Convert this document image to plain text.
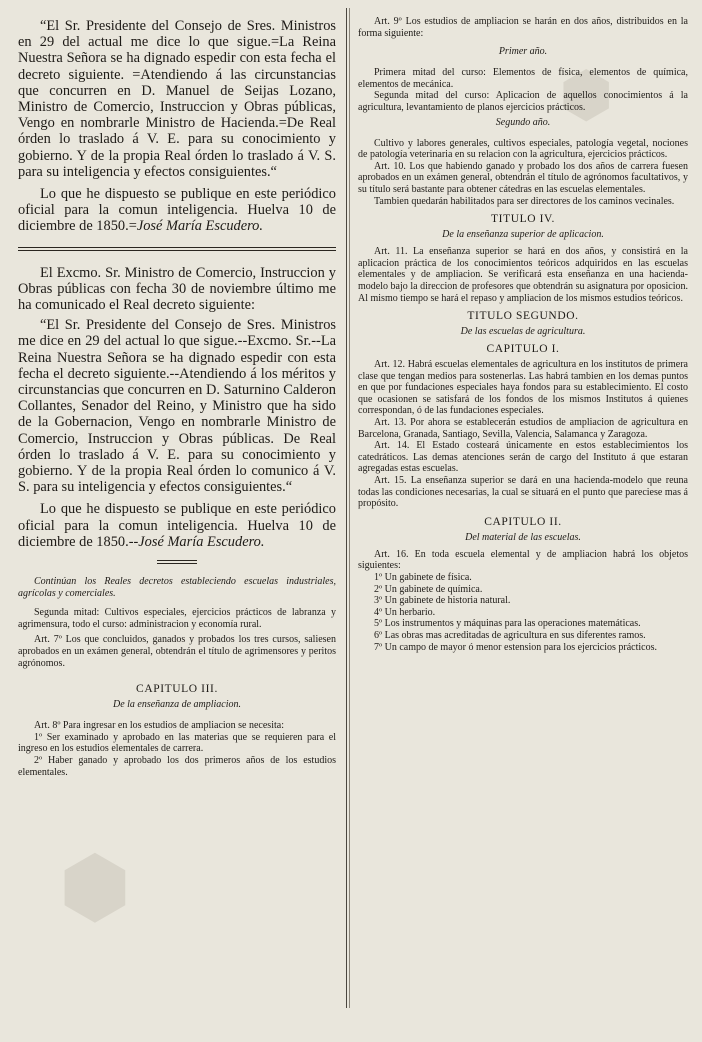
⬢
⬢

“El Sr. Presidente del Consejo de Sres. Ministros en 29 del actual me dice lo que sigue.=La Reina Nuestra Señora se ha dignado espedir con esta fecha el decreto siguiente. =Atendiendo á las circunstancias que concurren en D. Manuel de Seijas Lozano, Ministro de Comercio, Instruccion y Obras públicas, Vengo en nombrarle Ministro de Hacienda.=De Real órden lo traslado á V. E. para su conocimiento y gobierno. Y de la propia Real órden lo traslado á V. S. para su inteligencia y efectos consiguientes.“

Lo que he dispuesto se publique en este periódico oficial para la comun inteligencia. Huelva 10 de diciembre de 1850.=José María Escudero.

El Excmo. Sr. Ministro de Comercio, Instruccion y Obras públicas con fecha 30 de noviembre último me ha comunicado el Real decreto siguiente:

“El Sr. Presidente del Consejo de Sres. Ministros me dice en 29 del actual lo que sigue.--Excmo. Sr.--La Reina Nuestra Señora se ha dignado espedir con esta fecha el decreto siguiente.--Atendiendo á los méritos y circunstancias que concurren en D. Saturnino Calderon Collantes, Senador del Reino, y Ministro que ha sido de la Gobernacion, Vengo en nombrarle Ministro de Comercio, Instruccion y Obras públicas. De Real órden lo traslado á V. E. para su conocimiento y gobierno. Y de la propia Real órden lo comunico á V. S. para su inteligencia y efectos consiguientes.“

Lo que he dispuesto se publique en este periódico oficial para la comun inteligencia. Huelva 10 de diciembre de 1850.--José María Escudero.

Continúan los Reales decretos estableciendo escuelas industriales, agrícolas y comerciales.

Segunda mitad: Cultivos especiales, ejercicios prácticos de labranza y agrimensura, todo el curso: administracion y economía rural.

Art. 7º Los que concluidos, ganados y probados los tres cursos, saliesen aprobados en un exámen general, obtendrán el título de agrimensores y peritos agrónomos.

CAPITULO III.
De la enseñanza de ampliacion.

Art. 8º Para ingresar en los estudios de ampliacion se necesita:

1º Ser examinado y aprobado en las materias que se requieren para el ingreso en los estudios elementales de carrera.

2º Haber ganado y aprobado los dos primeros años de los estudios elementales.

Art. 9º Los estudios de ampliacion se harán en dos años, distribuidos en la forma siguiente:

Primer año.

Primera mitad del curso: Elementos de física, elementos de química, elementos de mecánica.

Segunda mitad del curso: Aplicacion de aquellos conocimientos á la agricultura, levantamiento de planos ejercicios prácticos.

Segundo año.

Cultivo y labores generales, cultivos especiales, patología vegetal, nociones de patología veterinaria en su relacion con la agricultura, ejercicios prácticos.

Art. 10. Los que habiendo ganado y probado los dos años de carrera fuesen aprobados en un exámen general, obtendrán el título de agrónomos facultativos, y su título será bastante para obtener cátedras en las escuelas elementales.

Tambien quedarán habilitados para ser directores de los caminos vecinales.

TITULO IV.
De la enseñanza superior de aplicacion.

Art. 11. La enseñanza superior se hará en dos años, y consistirá en la aplicacion práctica de los conocimientos teóricos adquiridos en las escuelas elementales y de ampliacion. Se verificará esta enseñanza en una hacienda-modelo bajo la direccion de profesores que obtendrán su asignatura por oposicion. Al mismo tiempo se hará el repaso y ampliacion de los mismos estudios teóricos.

TITULO SEGUNDO.
De las escuelas de agricultura.
CAPITULO I.

Art. 12. Habrá escuelas elementales de agricultura en los institutos de primera clase que tengan medios para sostenerlas. Las habrá tambien en los demas puntos en que por fundaciones especiales haya fondos para su establecimiento. El costo que ocasionen se satisfará de los fondos de los mismos Institutos á quienes correspondan, ó de las fundaciones especiales.

Art. 13. Por ahora se establecerán estudios de ampliacion de agricultura en Barcelona, Granada, Santiago, Sevilla, Valencia, Salamanca y Zaragoza.

Art. 14. El Estado costeará únicamente en estos establecimientos los catedráticos. Las demas atenciones serán de cargo del Instituto á que estaran agregadas estas escuelas.

Art. 15. La enseñanza superior se dará en una hacienda-modelo que reuna todas las condiciones necesarias, la cual se situará en el punto que pareciese mas á propósito.

CAPITULO II.
Del material de las escuelas.

Art. 16. En toda escuela elemental y de ampliacion habrá los objetos siguientes:

1º Un gabinete de física.

2º Un gabinete de química.

3º Un gabinete de historia natural.

4º Un herbario.

5º Los instrumentos y máquinas para las operaciones matemáticas.

6º Las obras mas acreditadas de agricultura en sus diferentes ramos.

7º Un campo de mayor ó menor estension para los ejercicios prácticos.
